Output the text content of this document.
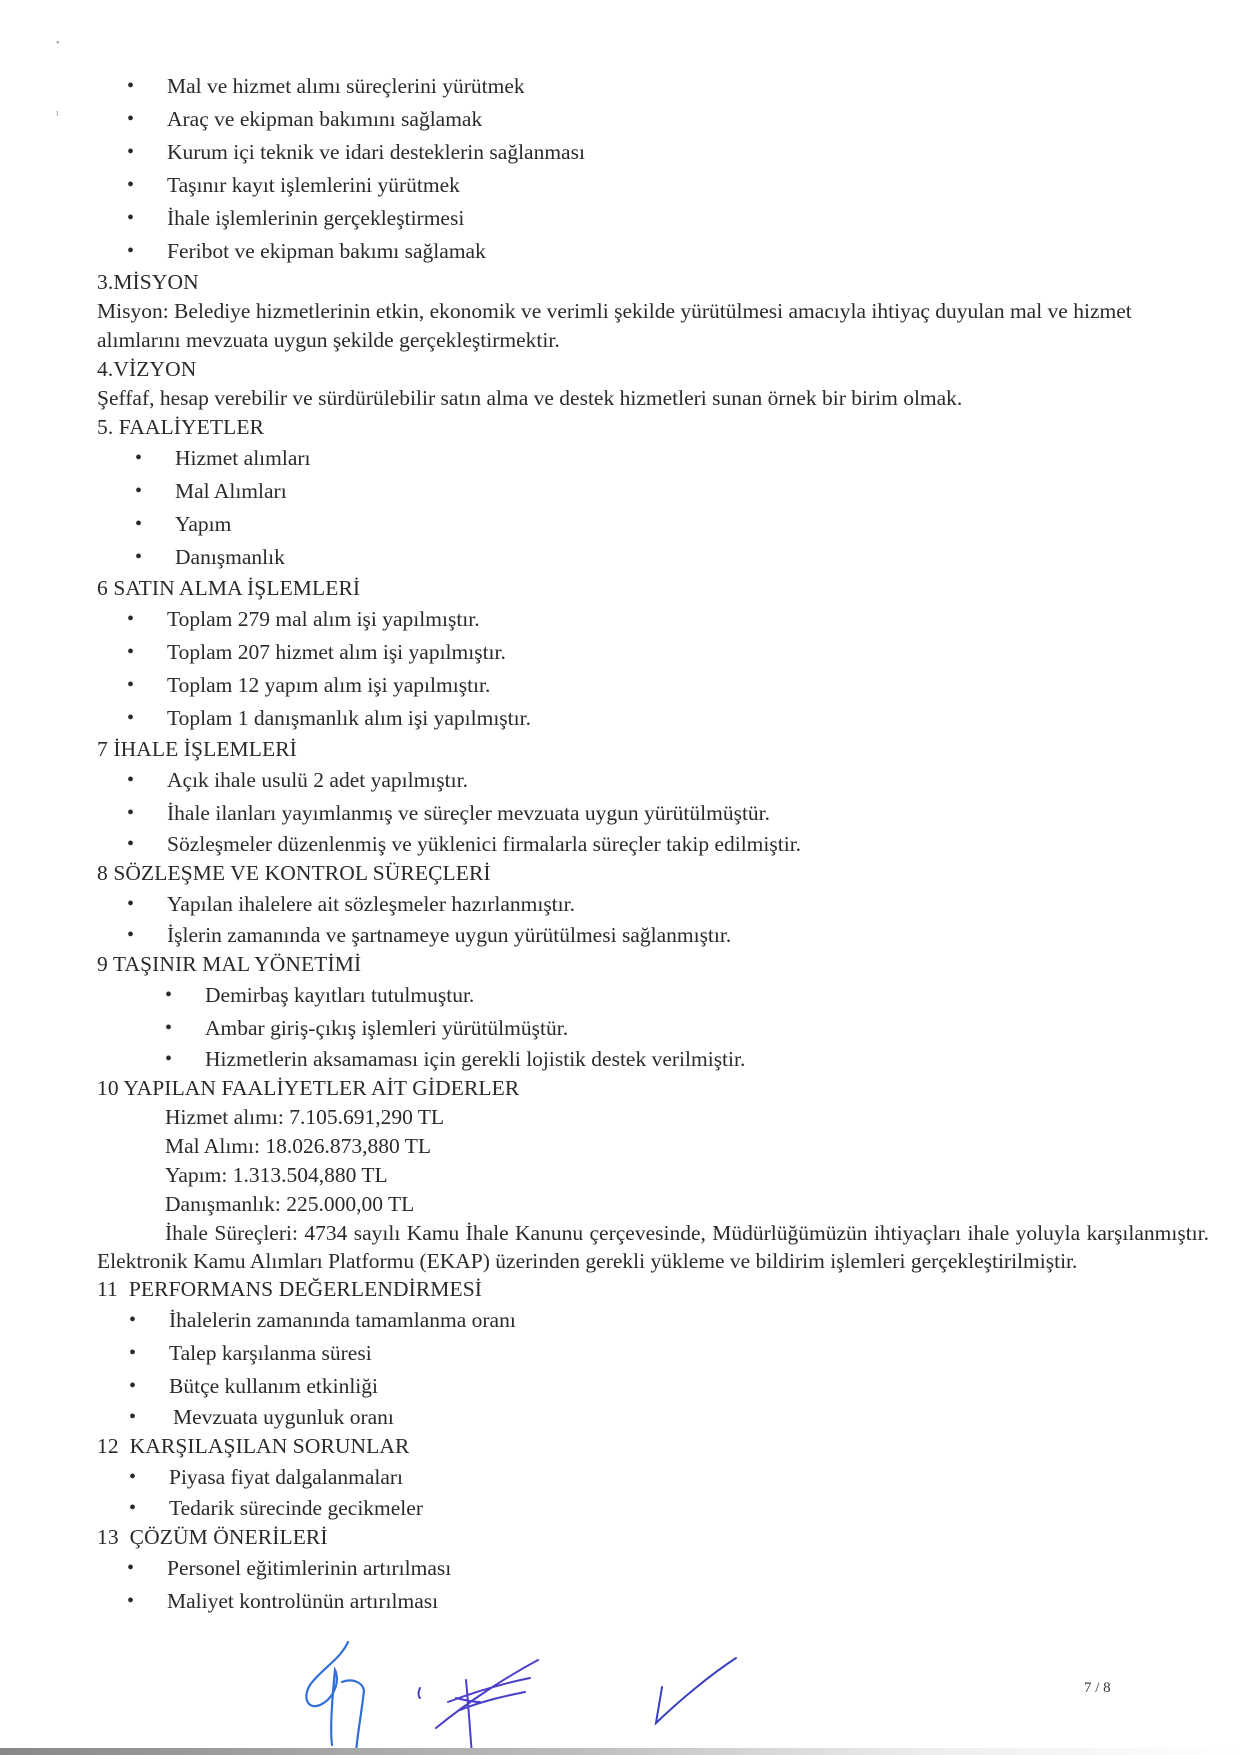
•
ι
• Mal ve hizmet alımı süreçlerini yürütmek
• Araç ve ekipman bakımını sağlamak
• Kurum içi teknik ve idari desteklerin sağlanması
• Taşınır kayıt işlemlerini yürütmek
• İhale işlemlerinin gerçekleştirmesi
• Feribot ve ekipman bakımı sağlamak
3.MİSYON

Misyon: Belediye hizmetlerinin etkin, ekonomik ve verimli şekilde yürütülmesi amacıyla ihtiyaç duyulan mal ve hizmet alımlarını mevzuata uygun şekilde gerçekleştirmektir.

4.VİZYON

Şeffaf, hesap verebilir ve sürdürülebilir satın alma ve destek hizmetleri sunan örnek bir birim olmak.

5. FAALİYETLER
• Hizmet alımları
• Mal Alımları
• Yapım
• Danışmanlık
6 SATIN ALMA İŞLEMLERİ
• Toplam 279 mal alım işi yapılmıştır.
• Toplam 207 hizmet alım işi yapılmıştır.
• Toplam 12 yapım alım işi yapılmıştır.
• Toplam 1 danışmanlık alım işi yapılmıştır.
7 İHALE İŞLEMLERİ
• Açık ihale usulü 2 adet yapılmıştır.
• İhale ilanları yayımlanmış ve süreçler mevzuata uygun yürütülmüştür.
• Sözleşmeler düzenlenmiş ve yüklenici firmalarla süreçler takip edilmiştir.
8 SÖZLEŞME VE KONTROL SÜREÇLERİ
• Yapılan ihalelere ait sözleşmeler hazırlanmıştır.
• İşlerin zamanında ve şartnameye uygun yürütülmesi sağlanmıştır.
9 TAŞINIR MAL YÖNETİMİ
• Demirbaş kayıtları tutulmuştur.
• Ambar giriş-çıkış işlemleri yürütülmüştür.
• Hizmetlerin aksamaması için gerekli lojistik destek verilmiştir.
10 YAPILAN FAALİYETLER AİT GİDERLER
Hizmet alımı: 7.105.691,290 TL
Mal Alımı: 18.026.873,880 TL
Yapım: 1.313.504,880 TL
Danışmanlık: 225.000,00 TL

İhale Süreçleri: 4734 sayılı Kamu İhale Kanunu çerçevesinde, Müdürlüğümüzün ihtiyaçları ihale yoluyla karşılanmıştır. Elektronik Kamu Alımları Platformu (EKAP) üzerinden gerekli yükleme ve bildirim işlemleri gerçekleştirilmiştir.

11  PERFORMANS DEĞERLENDİRMESİ
• İhalelerin zamanında tamamlanma oranı
• Talep karşılanma süresi
• Bütçe kullanım etkinliği
• Mevzuata uygunluk oranı
12  KARŞILAŞILAN SORUNLAR
• Piyasa fiyat dalgalanmaları
• Tedarik sürecinde gecikmeler
13  ÇÖZÜM ÖNERİLERİ
• Personel eğitimlerinin artırılması
• Maliyet kontrolünün artırılması
7 / 8
